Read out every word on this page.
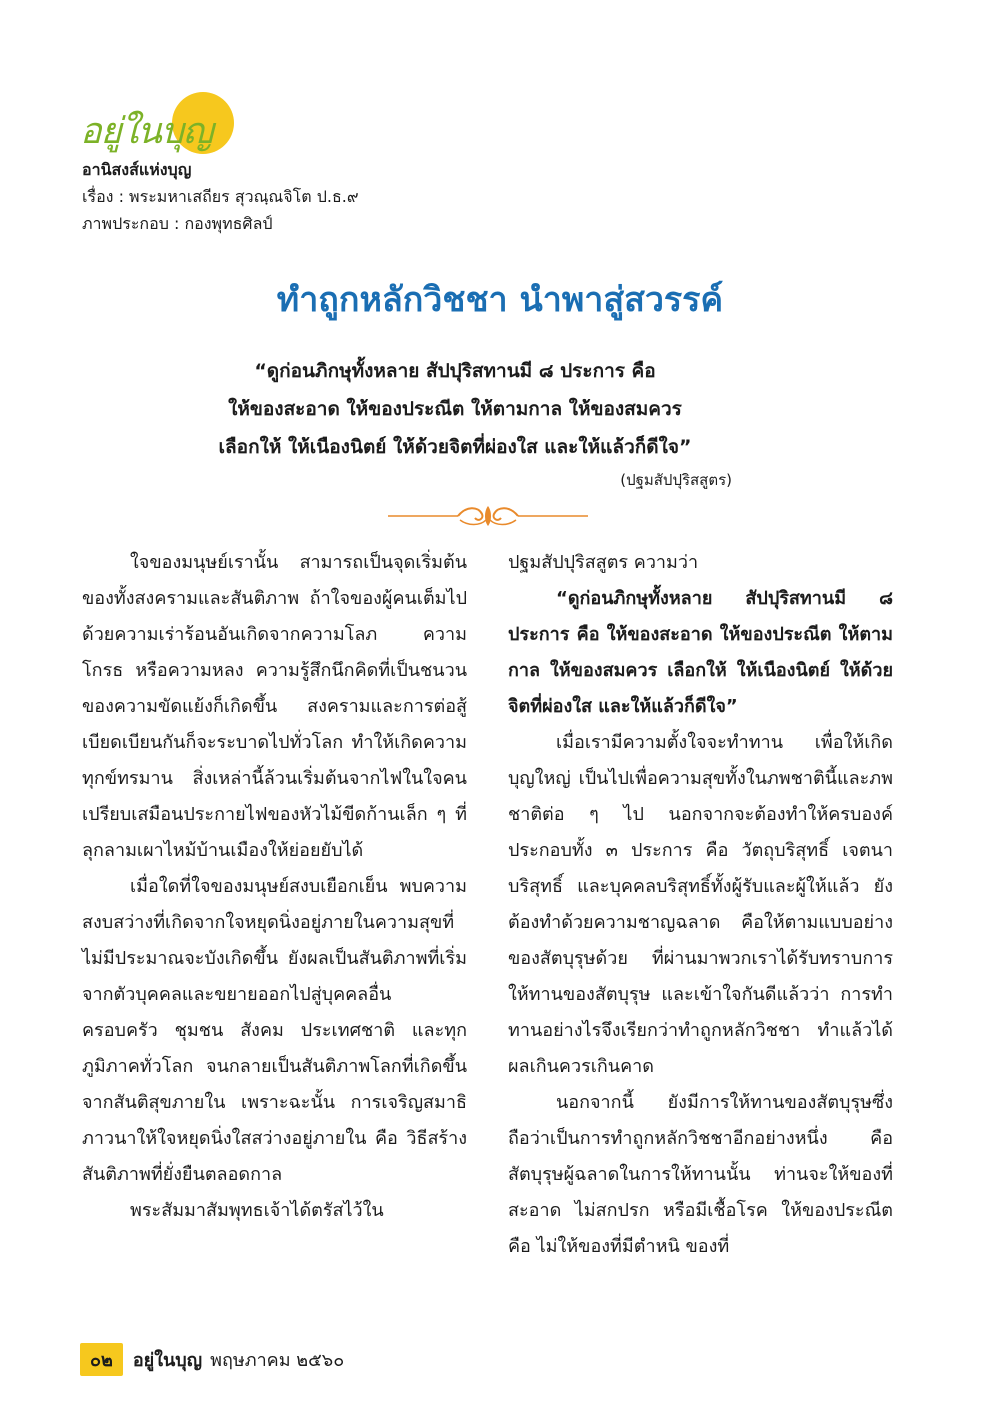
อยู่ในบุญ
อานิสงส์แห่งบุญ
เรื่อง : พระมหาเสถียร สุวณฺณจิโต ป.ธ.๙
ภาพประกอบ : กองพุทธศิลป์
ทำถูกหลักวิชชา นำพาสู่สวรรค์
“ดูก่อนภิกษุทั้งหลาย สัปปุริสทานมี ๘ ประการ คือ
ให้ของสะอาด ให้ของประณีต ให้ตามกาล ให้ของสมควร
เลือกให้ ให้เนืองนิตย์ ให้ด้วยจิตที่ผ่องใส และให้แล้วก็ดีใจ”
(ปฐมสัปปุริสสูตร)

ใจของมนุษย์เรานั้น สามารถเป็นจุดเริ่มต้นของทั้งสงครามและสันติภาพ ถ้าใจของผู้คนเต็มไปด้วยความเร่าร้อนอันเกิดจากความโลภ ความโกรธ หรือความหลง ความรู้สึกนึกคิดที่เป็นชนวนของความขัดแย้งก็เกิดขึ้น สงครามและการต่อสู้เบียดเบียนกันก็จะระบาดไปทั่วโลก ทำให้เกิดความทุกข์ทรมาน สิ่งเหล่านี้ล้วนเริ่มต้นจากไฟในใจคน เปรียบเสมือนประกายไฟของหัวไม้ขีดก้านเล็ก ๆ ที่ลุกลามเผาไหม้บ้านเมืองให้ย่อยยับได้

เมื่อใดที่ใจของมนุษย์สงบเยือกเย็น พบความสงบสว่างที่เกิดจากใจหยุดนิ่งอยู่ภายในความสุขที่ไม่มีประมาณจะบังเกิดขึ้น ยังผลเป็นสันติภาพที่เริ่มจากตัวบุคคลและขยายออกไปสู่บุคคลอื่น ครอบครัว ชุมชน สังคม ประเทศชาติ และทุกภูมิภาคทั่วโลก จนกลายเป็นสันติภาพโลกที่เกิดขึ้นจากสันติสุขภายใน เพราะฉะนั้น การเจริญสมาธิภาวนาให้ใจหยุดนิ่งใสสว่างอยู่ภายใน คือ วิธีสร้างสันติภาพที่ยั่งยืนตลอดกาล

พระสัมมาสัมพุทธเจ้าได้ตรัสไว้ใน

ปฐมสัปปุริสสูตร ความว่า

“ดูก่อนภิกษุทั้งหลาย สัปปุริสทานมี ๘ ประการ คือ ให้ของสะอาด ให้ของประณีต ให้ตามกาล ให้ของสมควร เลือกให้ ให้เนืองนิตย์ ให้ด้วยจิตที่ผ่องใส และให้แล้วก็ดีใจ”

เมื่อเรามีความตั้งใจจะทำทาน เพื่อให้เกิดบุญใหญ่ เป็นไปเพื่อความสุขทั้งในภพชาตินี้และภพชาติต่อ ๆ ไป นอกจากจะต้องทำให้ครบองค์ประกอบทั้ง ๓ ประการ คือ วัตถุบริสุทธิ์ เจตนาบริสุทธิ์ และบุคคลบริสุทธิ์ทั้งผู้รับและผู้ให้แล้ว ยังต้องทำด้วยความชาญฉลาด คือให้ตามแบบอย่างของสัตบุรุษด้วย ที่ผ่านมาพวกเราได้รับทราบการให้ทานของสัตบุรุษ และเข้าใจกันดีแล้วว่า การทำทานอย่างไรจึงเรียกว่าทำถูกหลักวิชชา ทำแล้วได้ผลเกินควรเกินคาด

นอกจากนี้ ยังมีการให้ทานของสัตบุรุษซึ่งถือว่าเป็นการทำถูกหลักวิชชาอีกอย่างหนึ่ง คือ สัตบุรุษผู้ฉลาดในการให้ทานนั้น ท่านจะให้ของที่สะอาด ไม่สกปรก หรือมีเชื้อโรค ให้ของประณีต คือ ไม่ให้ของที่มีตำหนิ ของที่

๐๒	อยู่ในบุญ พฤษภาคม ๒๕๖๐
